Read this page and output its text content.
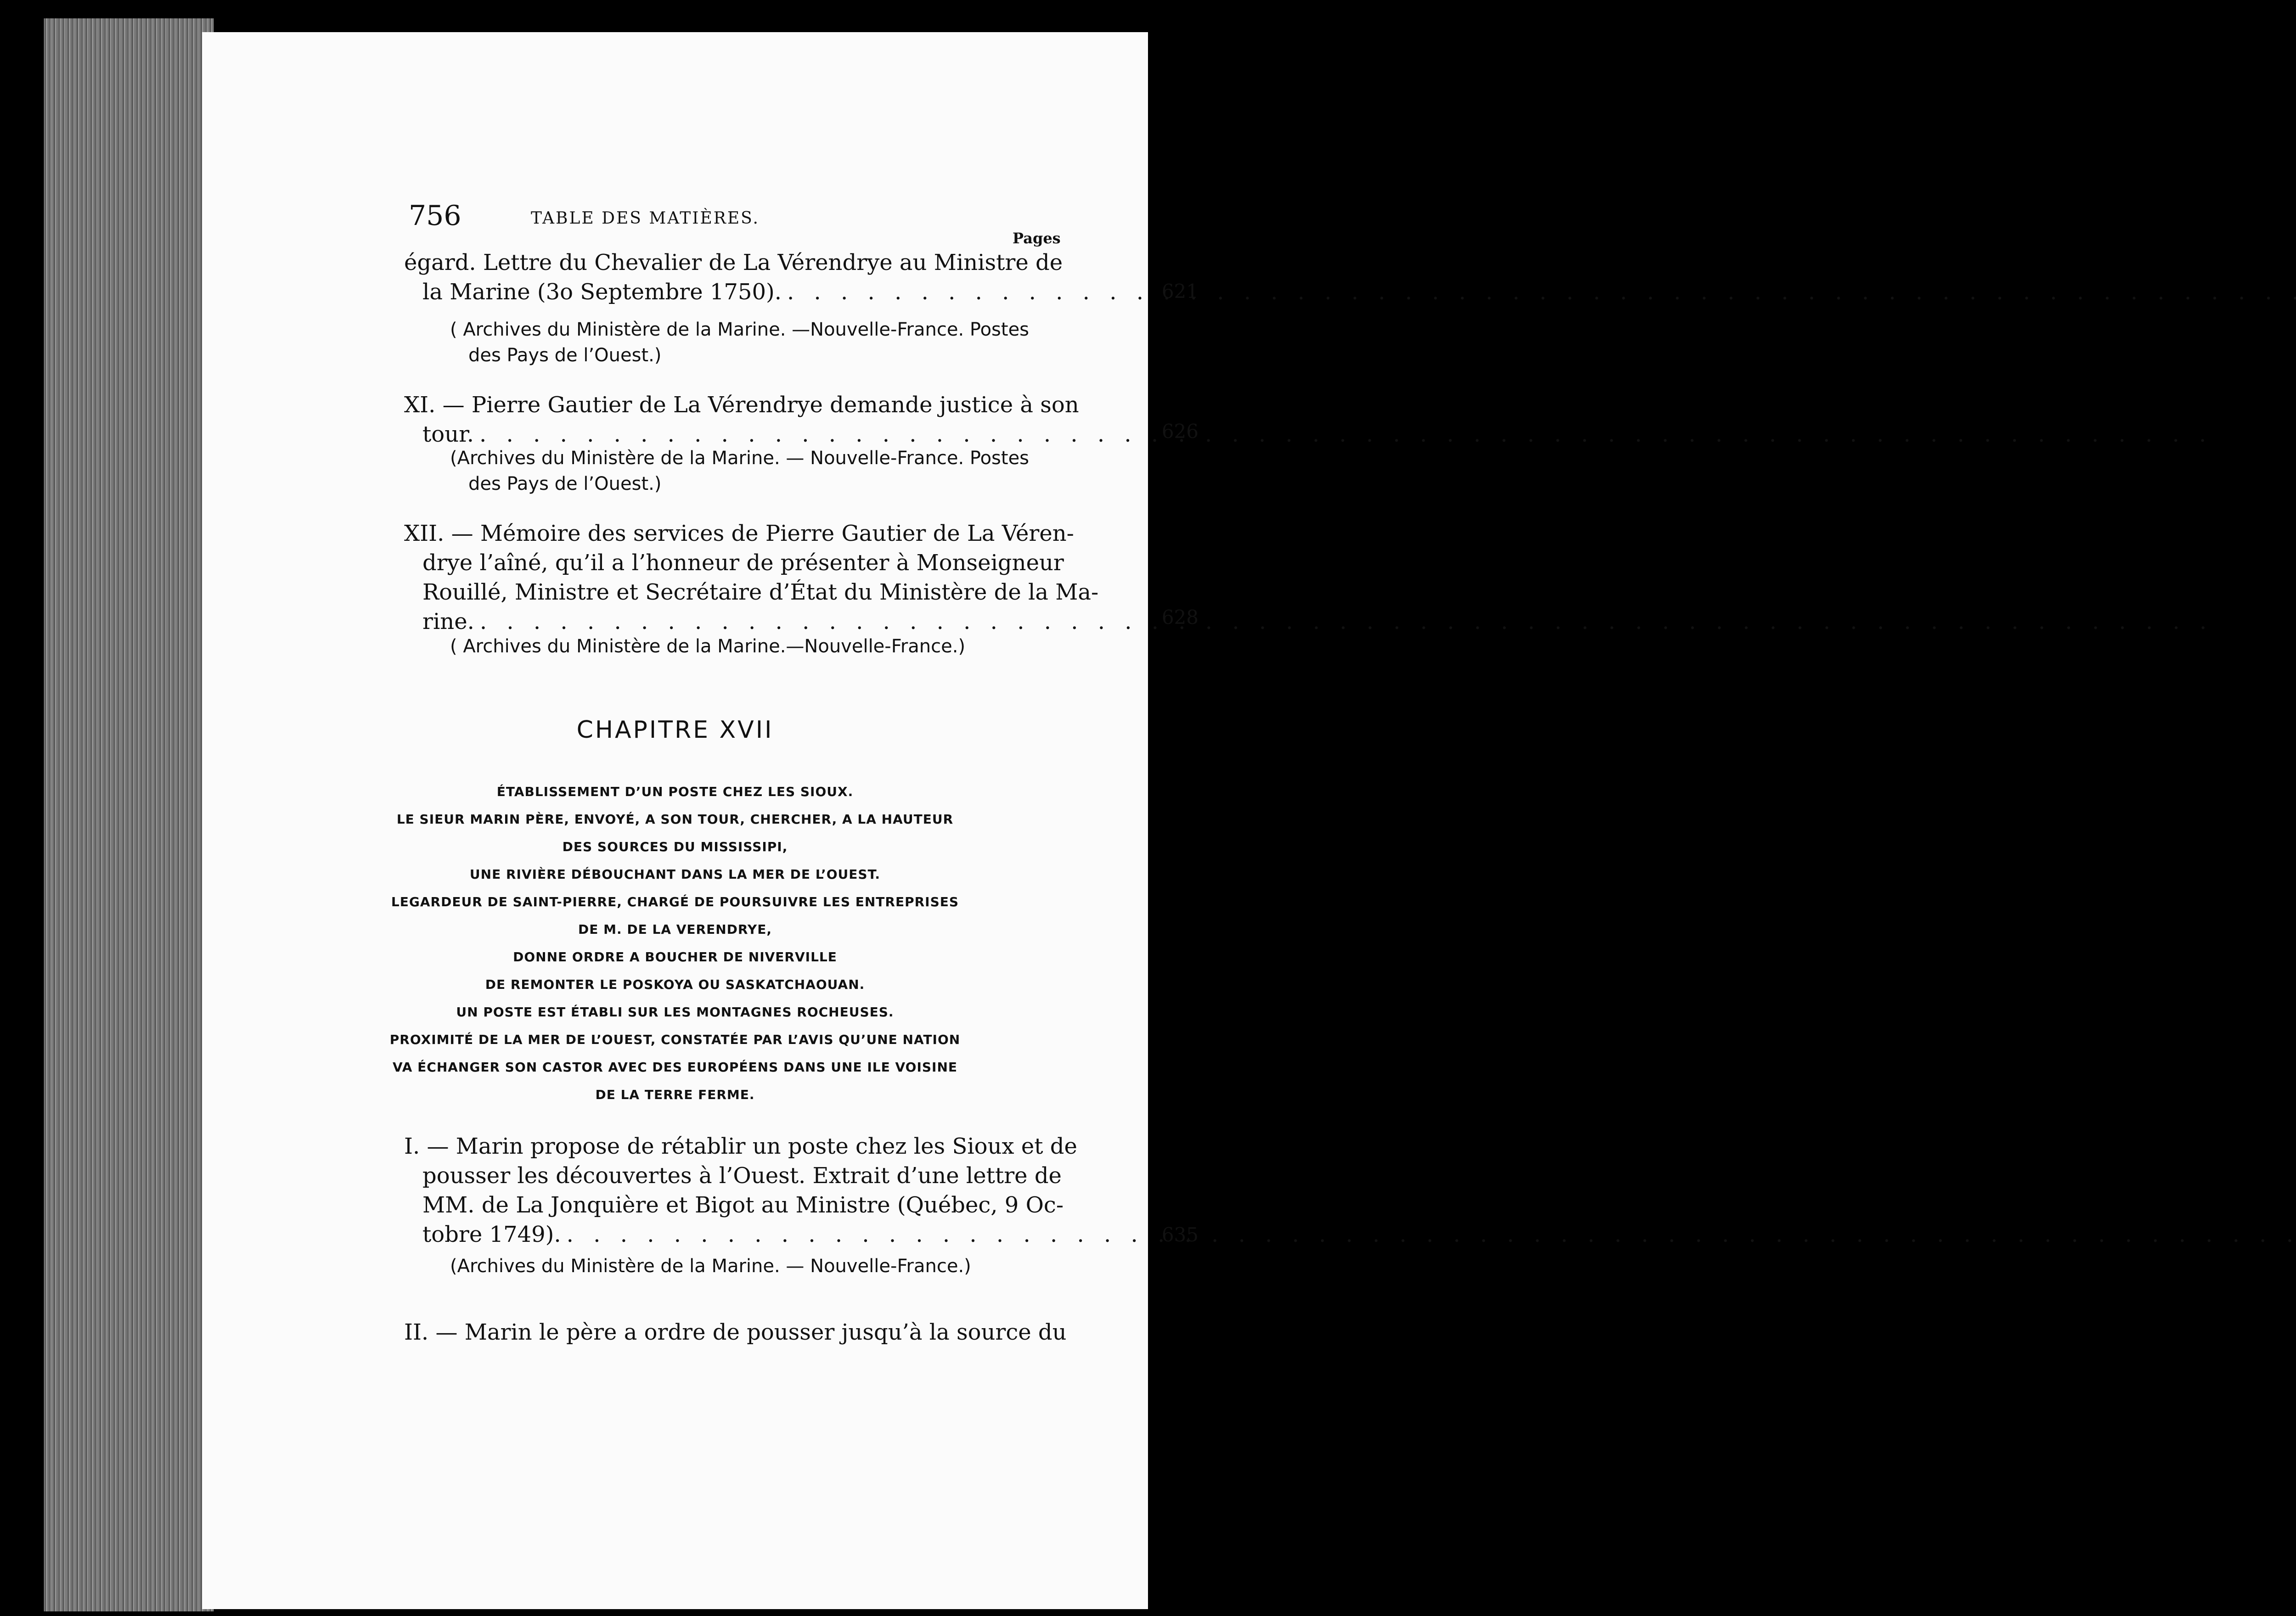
756	TABLE DES MATIÈRES.
Pages
égard. Lettre du Chevalier de La Vérendrye au Ministre de
la Marine (3o Septembre 1750). . . .	621
( Archives du Ministère de la Marine. —Nouvelle-France. Postes
des Pays de l’Ouest.)
XI. — Pierre Gautier de La Vérendrye demande justice à son
tour. . . .	626
(Archives du Ministère de la Marine. — Nouvelle-France. Postes
des Pays de l’Ouest.)
XII. — Mémoire des services de Pierre Gautier de La Véren-
drye l’aîné, qu’il a l’honneur de présenter à Monseigneur
Rouillé, Ministre et Secrétaire d’État du Ministère de la Ma-
rine. . . .	628
( Archives du Ministère de la Marine.—Nouvelle-France.)
CHAPITRE XVII
ÉTABLISSEMENT D’UN POSTE CHEZ LES SIOUX.
LE SIEUR MARIN PÈRE, ENVOYÉ, A SON TOUR, CHERCHER, A LA HAUTEUR
DES SOURCES DU MISSISSIPI,
UNE RIVIÈRE DÉBOUCHANT DANS LA MER DE L’OUEST.
LEGARDEUR DE SAINT-PIERRE, CHARGÉ DE POURSUIVRE LES ENTREPRISES
DE M. DE LA VERENDRYE,
DONNE ORDRE A BOUCHER DE NIVERVILLE
DE REMONTER LE POSKOYA OU SASKATCHAOUAN.
UN POSTE EST ÉTABLI SUR LES MONTAGNES ROCHEUSES.
PROXIMITÉ DE LA MER DE L’OUEST, CONSTATÉE PAR L’AVIS QU’UNE NATION
VA ÉCHANGER SON CASTOR AVEC DES EUROPÉENS DANS UNE ILE VOISINE
DE LA TERRE FERME.
I. — Marin propose de rétablir un poste chez les Sioux et de
pousser les découvertes à l’Ouest. Extrait d’une lettre de
MM. de La Jonquière et Bigot au Ministre (Québec, 9 Oc-
tobre 1749). . . .	635
(Archives du Ministère de la Marine. — Nouvelle-France.)
II. — Marin le père a ordre de pousser jusqu’à la source du
